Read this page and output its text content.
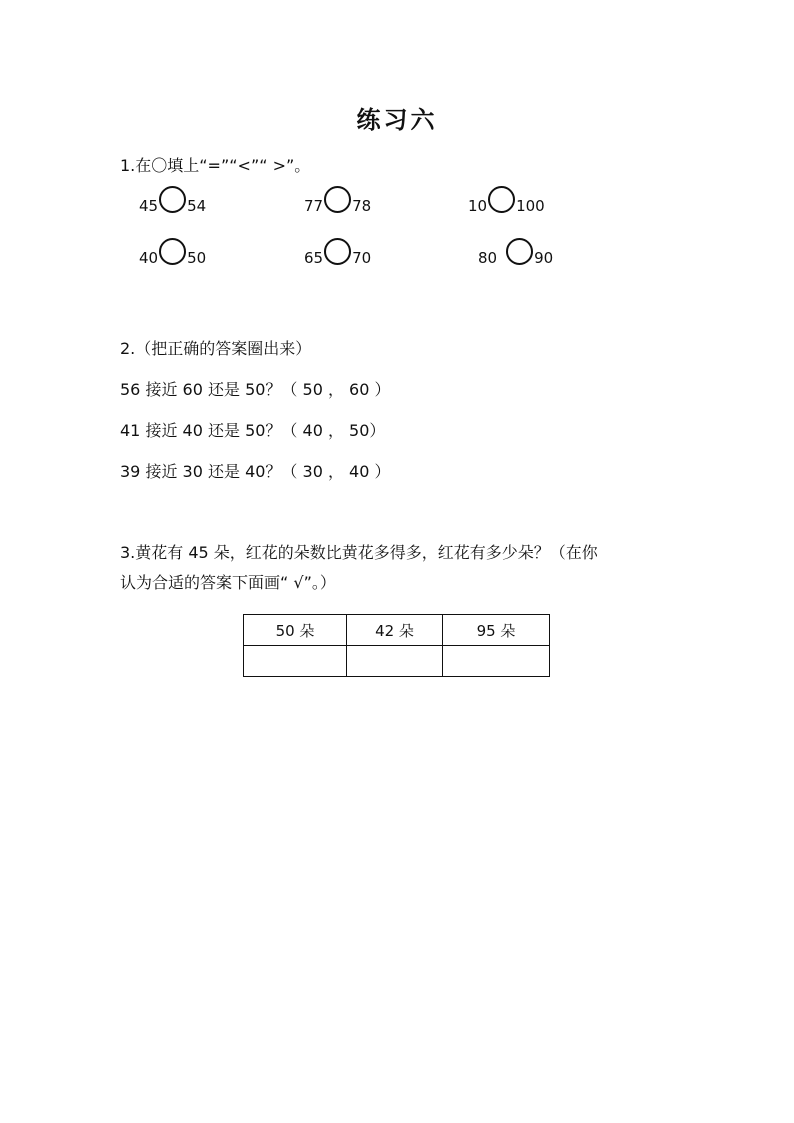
练习六
1.在〇填上“=”“<”“ >”。
45 54	77 78	10 100
40 50	65 70	80 90
2.（把正确的答案圈出来）
56 接近 60 还是 50？（ 50 ， 60 ）
41 接近 40 还是 50？（ 40 ， 50）
39 接近 30 还是 40？（ 30 ， 40 ）
3.黄花有 45 朵，红花的朵数比黄花多得多，红花有多少朵？（在你
认为合适的答案下面画“ √”。）
50 朵	42 朵	95 朵
